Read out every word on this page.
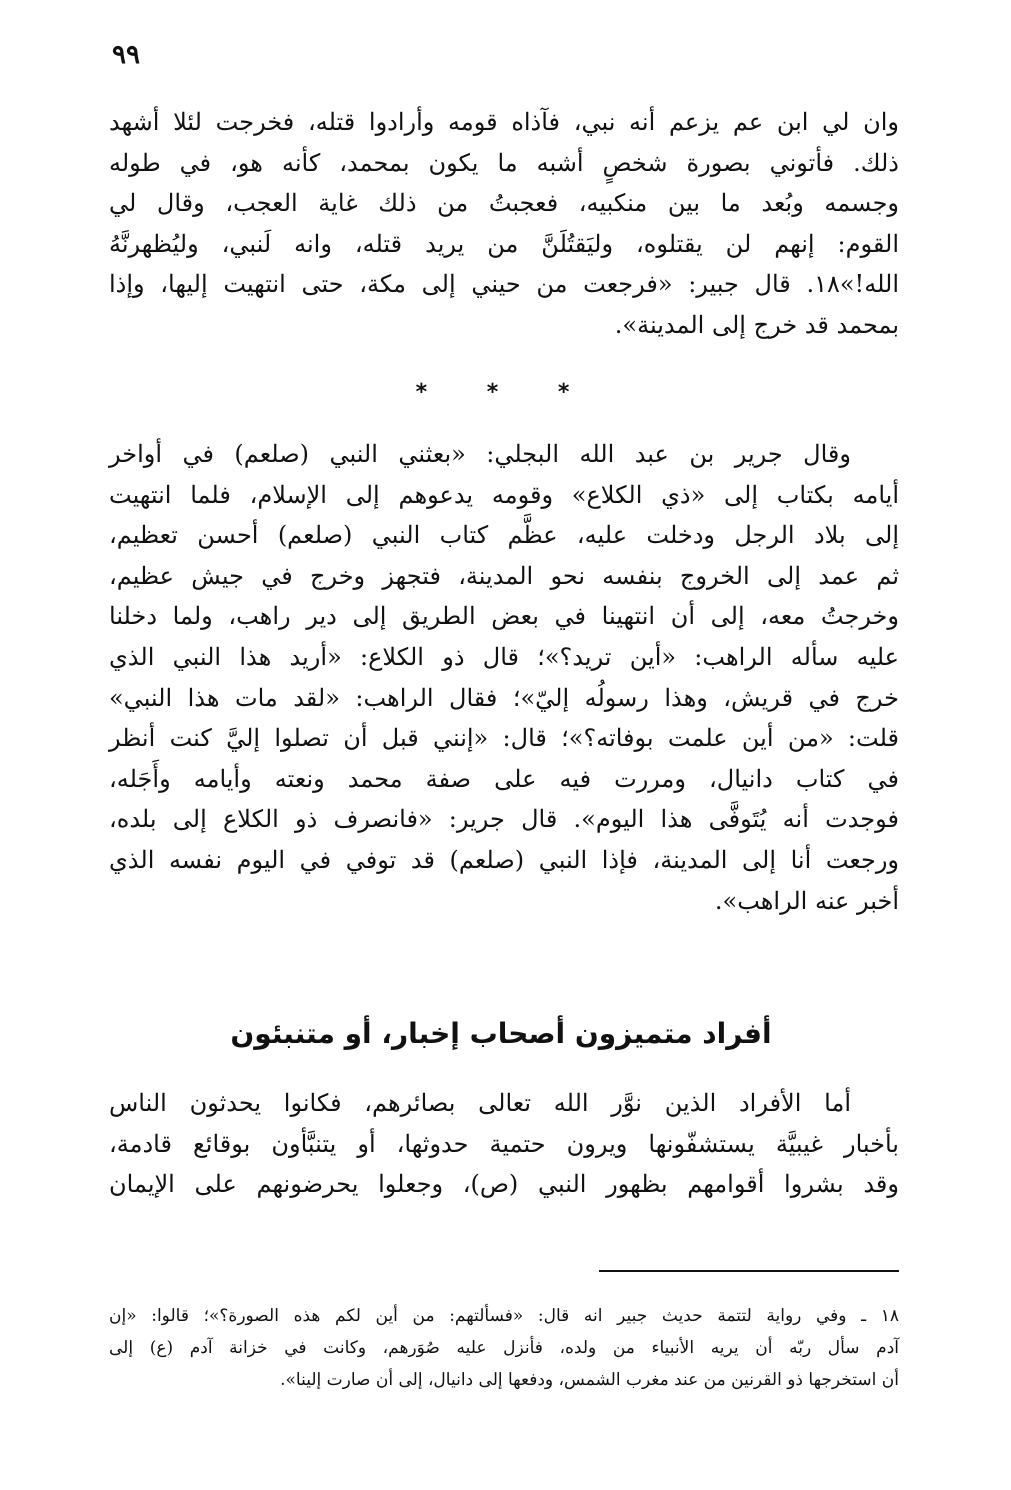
٩٩
وان لي ابن عم يزعم أنه نبي، فآذاه قومه وأرادوا قتله، فخرجت لئلا أشهد
ذلك. فأتوني بصورة شخصٍ أشبه ما يكون بمحمد، كأنه هو، في طوله
وجسمه وبُعد ما بين منكبيه، فعجبتُ من ذلك غاية العجب، وقال لي
القوم: إنهم لن يقتلوه، وليَقتُلَنَّ من يريد قتله، وانه لَنبي، وليُظهرنَّهُ
الله!»١٨. قال جبير: «فرجعت من حيني إلى مكة، حتى انتهيت إليها، وإذا
بمحمد قد خرج إلى المدينة».
* * *
وقال جرير بن عبد الله البجلي: «بعثني النبي (صلعم) في أواخر
أيامه بكتاب إلى «ذي الكلاع» وقومه يدعوهم إلى الإسلام، فلما انتهيت
إلى بلاد الرجل ودخلت عليه، عظَّم كتاب النبي (صلعم) أحسن تعظيم،
ثم عمد إلى الخروج بنفسه نحو المدينة، فتجهز وخرج في جيش عظيم،
وخرجتُ معه، إلى أن انتهينا في بعض الطريق إلى دير راهب، ولما دخلنا
عليه سأله الراهب: «أين تريد؟»؛ قال ذو الكلاع: «أريد هذا النبي الذي
خرج في قريش، وهذا رسولُه إليّ»؛ فقال الراهب: «لقد مات هذا النبي»
قلت: «من أين علمت بوفاته؟»؛ قال: «إنني قبل أن تصلوا إليَّ كنت أنظر
في كتاب دانيال، ومررت فيه على صفة محمد ونعته وأيامه وأَجَله،
فوجدت أنه يُتَوفَّى هذا اليوم». قال جرير: «فانصرف ذو الكلاع إلى بلده،
ورجعت أنا إلى المدينة، فإذا النبي (صلعم) قد توفي في اليوم نفسه الذي
أخبر عنه الراهب».
أفراد متميزون أصحاب إخبار، أو متنبئون
أما الأفراد الذين نوَّر الله تعالى بصائرهم، فكانوا يحدثون الناس
بأخبار غيبيَّة يستشفّونها ويرون حتمية حدوثها، أو يتنبَّأون بوقائع قادمة،
وقد بشروا أقوامهم بظهور النبي (ص)، وجعلوا يحرضونهم على الإيمان
١٨ ـ وفي رواية لتتمة حديث جبير انه قال: «فسألتهم: من أين لكم هذه الصورة؟»؛ قالوا: «إن
آدم سأل ربّه أن يريه الأنبياء من ولده، فأنزل عليه صُوَرهم، وكانت في خزانة آدم (ع) إلى
أن استخرجها ذو القرنين من عند مغرب الشمس، ودفعها إلى دانيال، إلى أن صارت إلينا».
